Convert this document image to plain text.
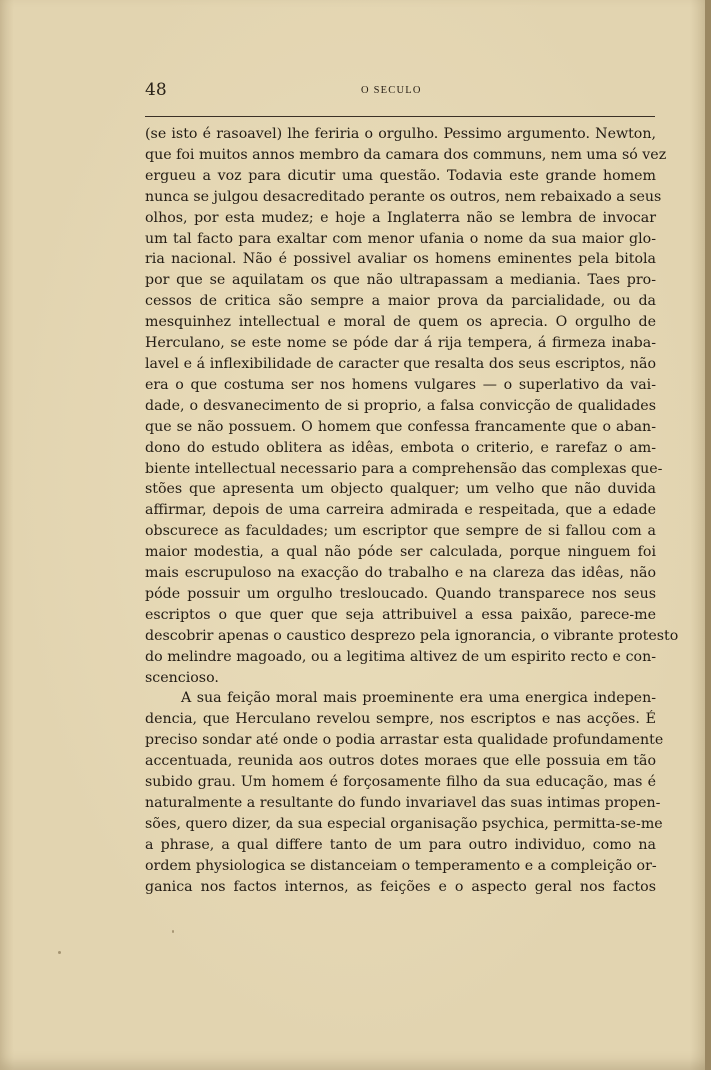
48	O SECULO

(se isto é rasoavel) lhe feriria o orgulho. Pessimo argumento. Newton,
que foi muitos annos membro da camara dos communs, nem uma só vez
ergueu a voz para dicutir uma questão. Todavia este grande homem
nunca se julgou desacreditado perante os outros, nem rebaixado a seus
olhos, por esta mudez; e hoje a Inglaterra não se lembra de invocar
um tal facto para exaltar com menor ufania o nome da sua maior glo-
ria nacional. Não é possivel avaliar os homens eminentes pela bitola
por que se aquilatam os que não ultrapassam a mediania. Taes pro-
cessos de critica são sempre a maior prova da parcialidade, ou da
mesquinhez intellectual e moral de quem os aprecia. O orgulho de
Herculano, se este nome se póde dar á rija tempera, á firmeza inaba-
lavel e á inflexibilidade de caracter que resalta dos seus escriptos, não
era o que costuma ser nos homens vulgares — o superlativo da vai-
dade, o desvanecimento de si proprio, a falsa convicção de qualidades
que se não possuem. O homem que confessa francamente que o aban-
dono do estudo oblitera as idêas, embota o criterio, e rarefaz o am-
biente intellectual necessario para a comprehensão das complexas que-
stões que apresenta um objecto qualquer; um velho que não duvida
affirmar, depois de uma carreira admirada e respeitada, que a edade
obscurece as faculdades; um escriptor que sempre de si fallou com a
maior modestia, a qual não póde ser calculada, porque ninguem foi
mais escrupuloso na exacção do trabalho e na clareza das idêas, não
póde possuir um orgulho tresloucado. Quando transparece nos seus
escriptos o que quer que seja attribuivel a essa paixão, parece-me
descobrir apenas o caustico desprezo pela ignorancia, o vibrante protesto
do melindre magoado, ou a legitima altivez de um espirito recto e con-
scencioso.

A sua feição moral mais proeminente era uma energica indepen-
dencia, que Herculano revelou sempre, nos escriptos e nas acções. É
preciso sondar até onde o podia arrastar esta qualidade profundamente
accentuada, reunida aos outros dotes moraes que elle possuia em tão
subido grau. Um homem é forçosamente filho da sua educação, mas é
naturalmente a resultante do fundo invariavel das suas intimas propen-
sões, quero dizer, da sua especial organisação psychica, permitta-se-me
a phrase, a qual differe tanto de um para outro individuo, como na
ordem physiologica se distanceiam o temperamento e a compleição or-
ganica nos factos internos, as feições e o aspecto geral nos factos
